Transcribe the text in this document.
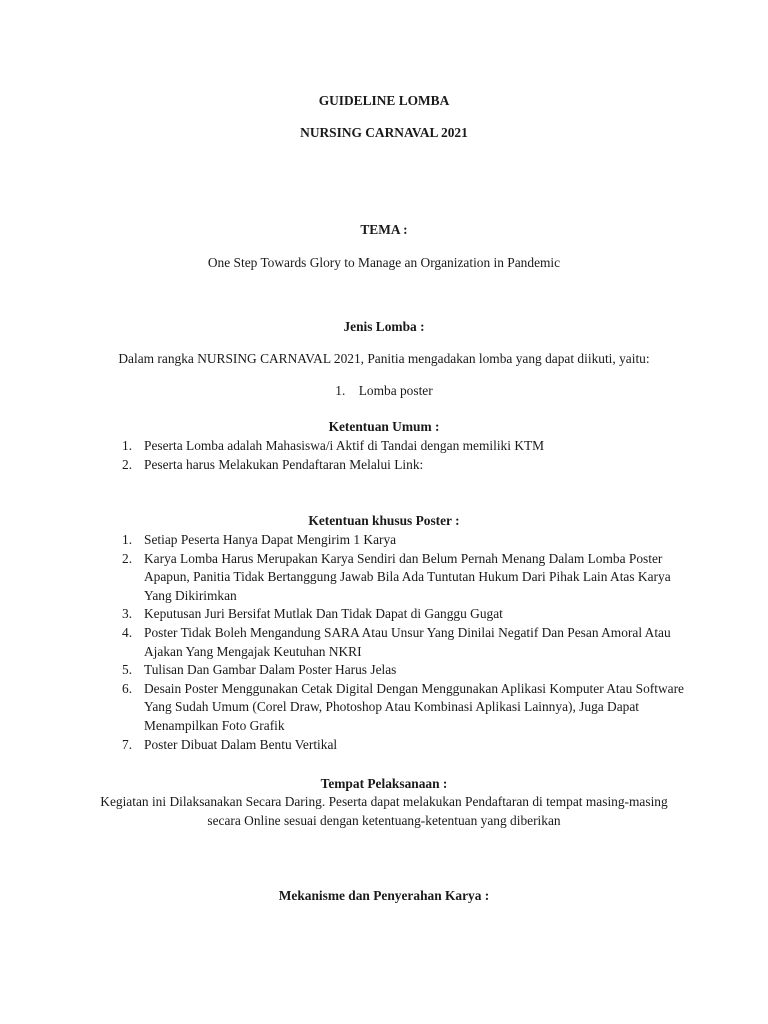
GUIDELINE LOMBA
NURSING CARNAVAL 2021
TEMA :
One Step Towards Glory to Manage an Organization in Pandemic
Jenis Lomba :
Dalam rangka NURSING CARNAVAL 2021, Panitia mengadakan lomba yang dapat diikuti, yaitu:
1. Lomba poster
Ketentuan Umum :
1. Peserta Lomba adalah Mahasiswa/i Aktif di Tandai dengan memiliki KTM
2. Peserta harus Melakukan Pendaftaran Melalui Link:
Ketentuan khusus Poster :
1. Setiap Peserta Hanya Dapat Mengirim 1 Karya
2. Karya Lomba Harus Merupakan Karya Sendiri dan Belum Pernah Menang Dalam Lomba Poster Apapun, Panitia Tidak Bertanggung Jawab Bila Ada Tuntutan Hukum Dari Pihak Lain Atas Karya Yang Dikirimkan
3. Keputusan Juri Bersifat Mutlak Dan Tidak Dapat di Ganggu Gugat
4. Poster Tidak Boleh Mengandung SARA Atau Unsur Yang Dinilai Negatif Dan Pesan Amoral Atau Ajakan Yang Mengajak Keutuhan NKRI
5. Tulisan Dan Gambar Dalam Poster Harus Jelas
6. Desain Poster Menggunakan Cetak Digital Dengan Menggunakan Aplikasi Komputer Atau Software Yang Sudah Umum (Corel Draw, Photoshop Atau Kombinasi Aplikasi Lainnya), Juga Dapat Menampilkan Foto Grafik
7. Poster Dibuat Dalam Bentu Vertikal
Tempat Pelaksanaan :
Kegiatan ini Dilaksanakan Secara Daring. Peserta dapat melakukan Pendaftaran di tempat masing-masing
secara Online sesuai dengan ketentuang-ketentuan yang diberikan
Mekanisme dan Penyerahan Karya :
